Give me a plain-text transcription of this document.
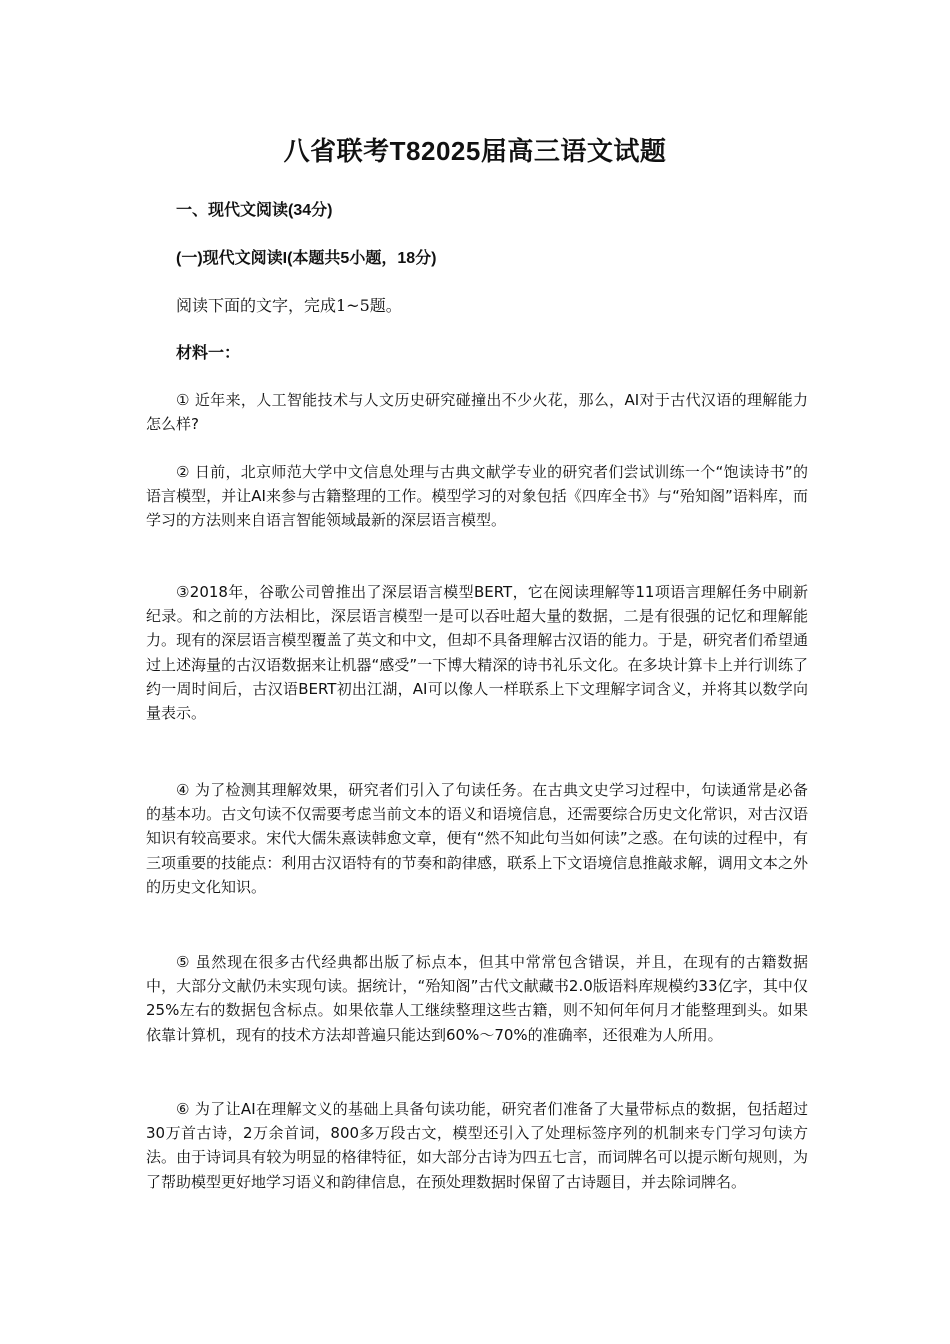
八省联考T82025届高三语文试题
一、现代文阅读(34分)
(一)现代文阅读I(本题共5小题，18分)
阅读下面的文字，完成1~5题。
材料一：

① 近年来，人工智能技术与人文历史研究碰撞出不少火花，那么，AI对于古代汉语的理解能力怎么样?

② 日前，北京师范大学中文信息处理与古典文献学专业的研究者们尝试训练一个“饱读诗书”的语言模型，并让AI来参与古籍整理的工作。模型学习的对象包括《四库全书》与“殆知阁”语料库，而学习的方法则来自语言智能领域最新的深层语言模型。

③2018年，谷歌公司曾推出了深层语言模型BERT，它在阅读理解等11项语言理解任务中刷新纪录。和之前的方法相比，深层语言模型一是可以吞吐超大量的数据，二是有很强的记忆和理解能力。现有的深层语言模型覆盖了英文和中文，但却不具备理解古汉语的能力。于是，研究者们希望通过上述海量的古汉语数据来让机器“感受”一下博大精深的诗书礼乐文化。在多块计算卡上并行训练了约一周时间后，古汉语BERT初出江湖，AI可以像人一样联系上下文理解字词含义，并将其以数学向量表示。

④ 为了检测其理解效果，研究者们引入了句读任务。在古典文史学习过程中，句读通常是必备的基本功。古文句读不仅需要考虑当前文本的语义和语境信息，还需要综合历史文化常识，对古汉语知识有较高要求。宋代大儒朱熹读韩愈文章，便有“然不知此句当如何读”之惑。在句读的过程中，有三项重要的技能点：利用古汉语特有的节奏和韵律感，联系上下文语境信息推敲求解，调用文本之外的历史文化知识。

⑤ 虽然现在很多古代经典都出版了标点本，但其中常常包含错误，并且，在现有的古籍数据中，大部分文献仍未实现句读。据统计，“殆知阁”古代文献藏书2.0版语料库规模约33亿字，其中仅25%左右的数据包含标点。如果依靠人工继续整理这些古籍，则不知何年何月才能整理到头。如果依靠计算机，现有的技术方法却普遍只能达到60%～70%的准确率，还很难为人所用。

⑥ 为了让AI在理解文义的基础上具备句读功能，研究者们准备了大量带标点的数据，包括超过30万首古诗，2万余首词，800多万段古文，模型还引入了处理标签序列的机制来专门学习句读方法。由于诗词具有较为明显的格律特征，如大部分古诗为四五七言，而词牌名可以提示断句规则，为了帮助模型更好地学习语义和韵律信息，在预处理数据时保留了古诗题目，并去除词牌名。
